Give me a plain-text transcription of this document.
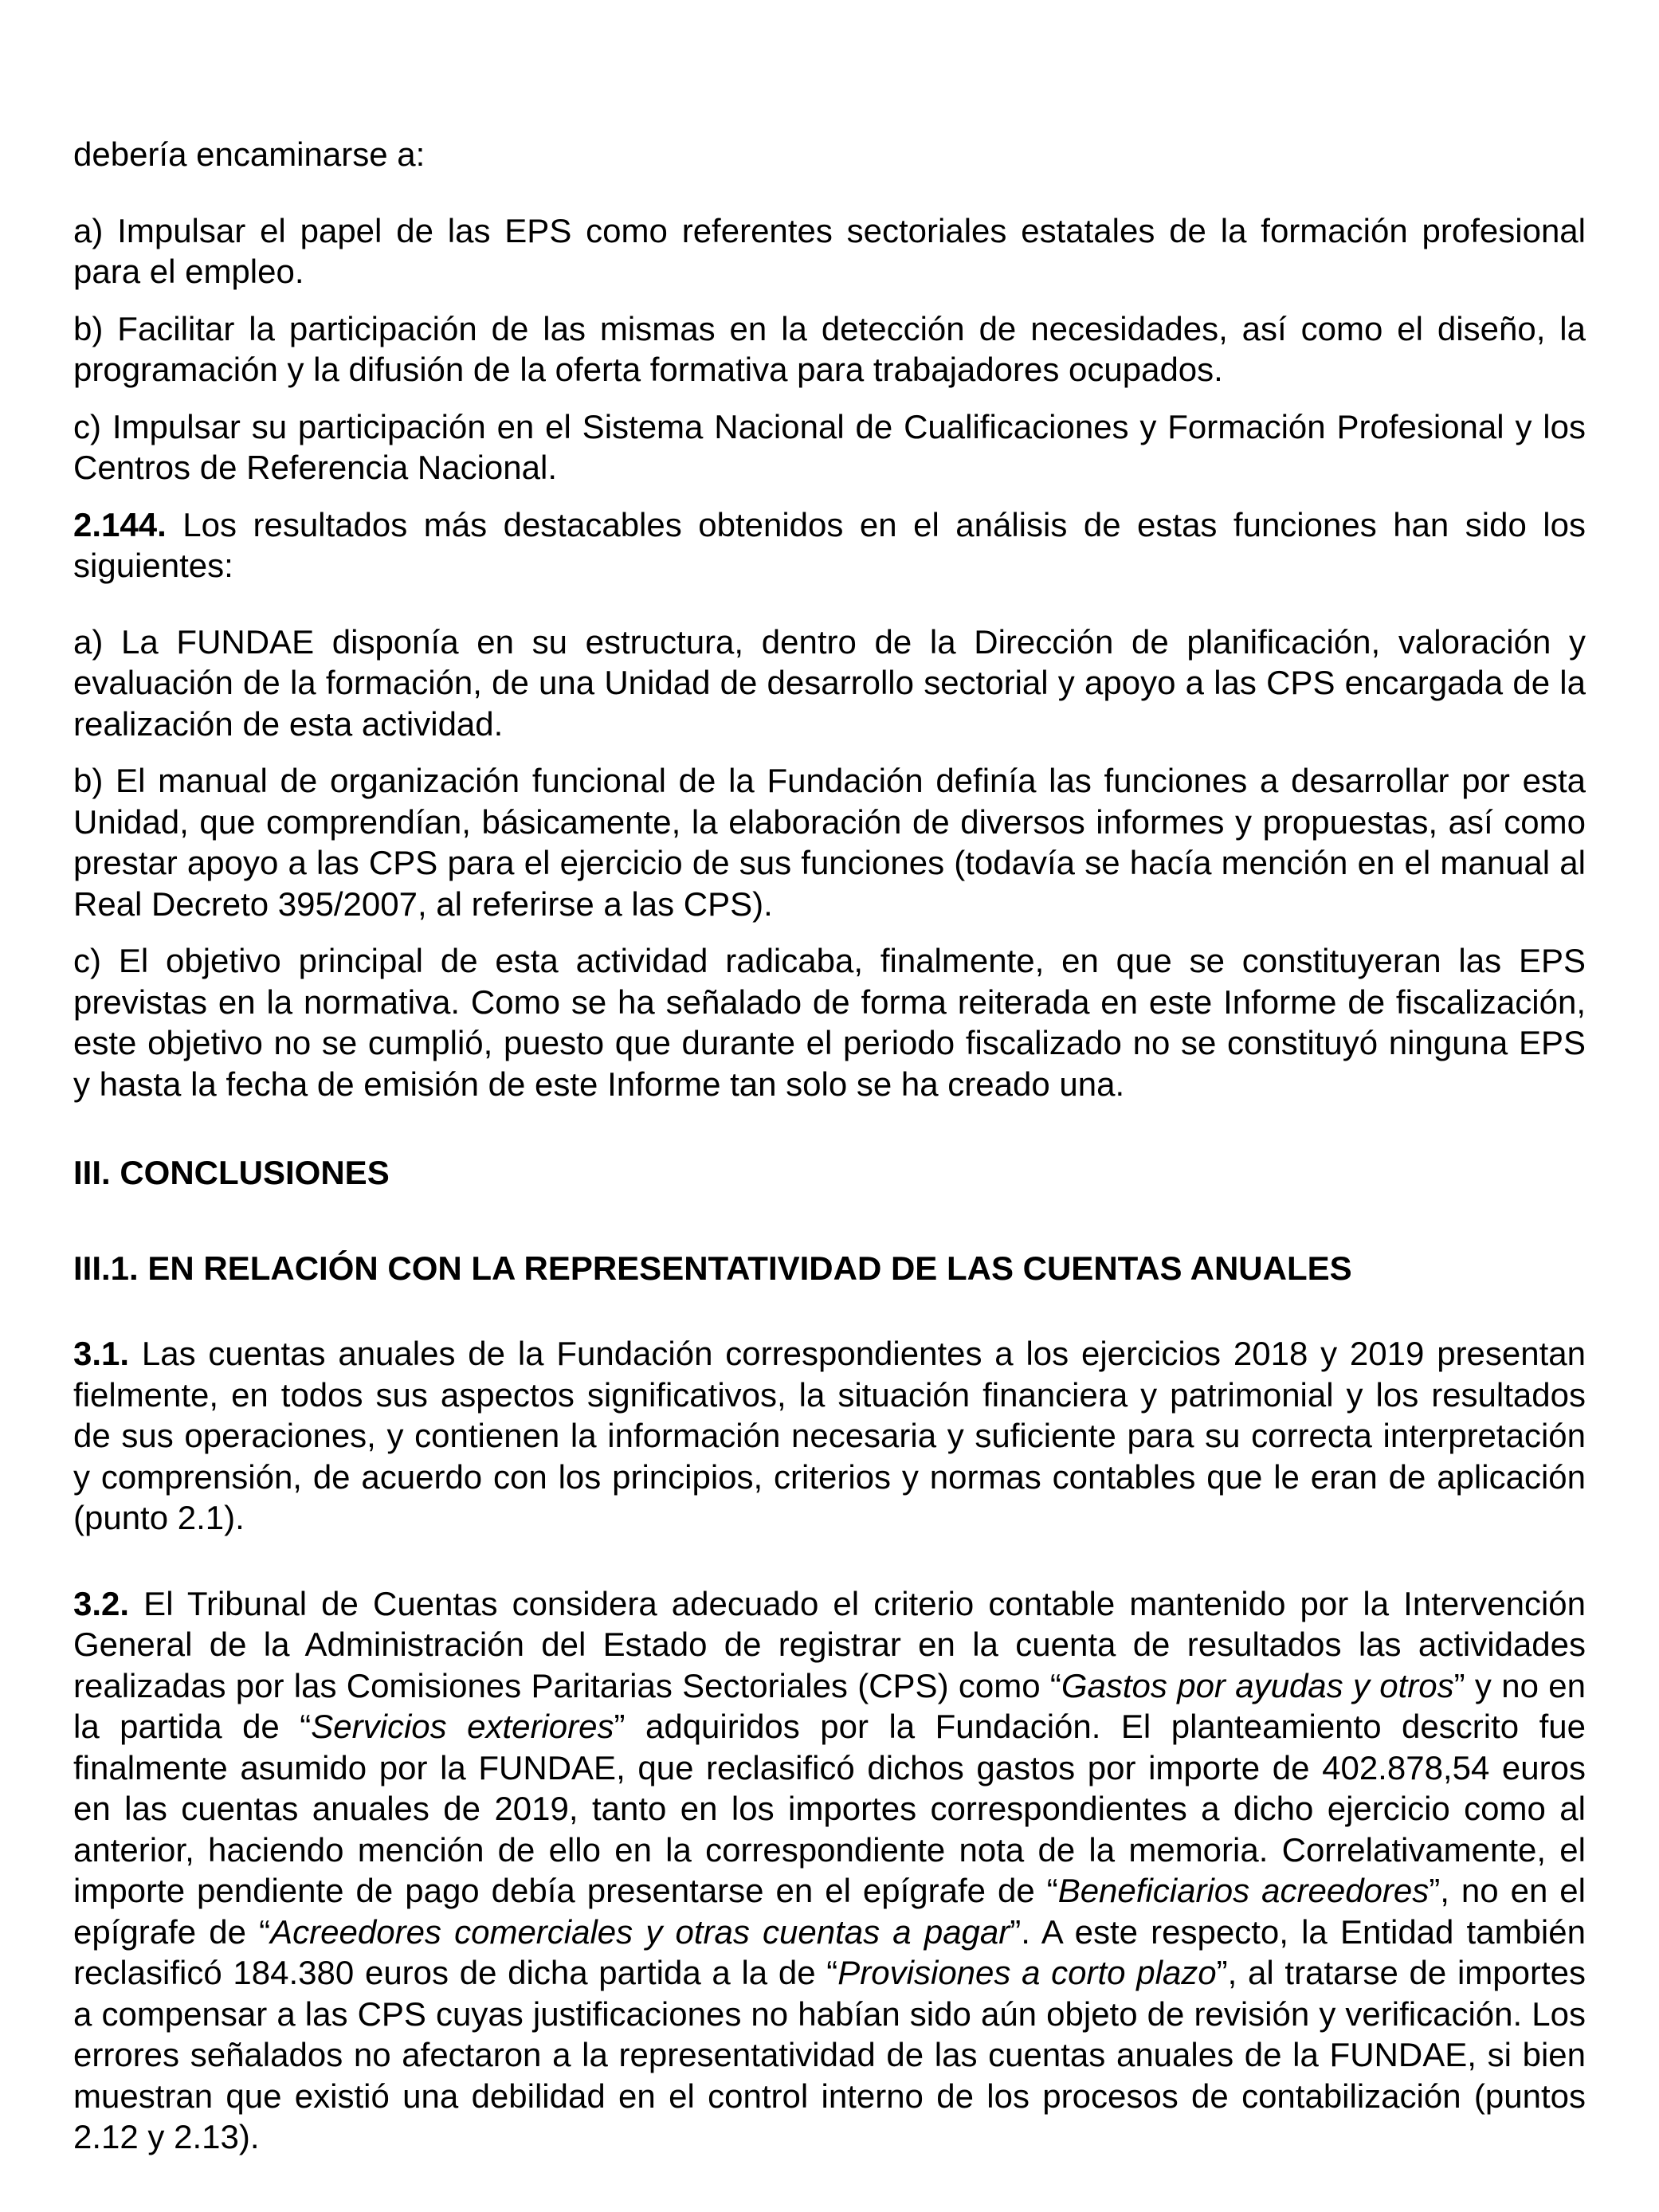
debería encaminarse a:

a) Impulsar el papel de las EPS como referentes sectoriales estatales de la formación profesional para el empleo.

b) Facilitar la participación de las mismas en la detección de necesidades, así como el diseño, la programación y la difusión de la oferta formativa para trabajadores ocupados.

c) Impulsar su participación en el Sistema Nacional de Cualificaciones y Formación Profesional y los Centros de Referencia Nacional.

2.144. Los resultados más destacables obtenidos en el análisis de estas funciones han sido los siguientes:

a) La FUNDAE disponía en su estructura, dentro de la Dirección de planificación, valoración y evaluación de la formación, de una Unidad de desarrollo sectorial y apoyo a las CPS encargada de la realización de esta actividad.

b) El manual de organización funcional de la Fundación definía las funciones a desarrollar por esta Unidad, que comprendían, básicamente, la elaboración de diversos informes y propuestas, así como prestar apoyo a las CPS para el ejercicio de sus funciones (todavía se hacía mención en el manual al Real Decreto 395/2007, al referirse a las CPS).

c) El objetivo principal de esta actividad radicaba, finalmente, en que se constituyeran las EPS previstas en la normativa. Como se ha señalado de forma reiterada en este Informe de fiscalización, este objetivo no se cumplió, puesto que durante el periodo fiscalizado no se constituyó ninguna EPS y hasta la fecha de emisión de este Informe tan solo se ha creado una.

III. CONCLUSIONES

III.1. EN RELACIÓN CON LA REPRESENTATIVIDAD DE LAS CUENTAS ANUALES

3.1. Las cuentas anuales de la Fundación correspondientes a los ejercicios 2018 y 2019 presentan fielmente, en todos sus aspectos significativos, la situación financiera y patrimonial y los resultados de sus operaciones, y contienen la información necesaria y suficiente para su correcta interpretación y comprensión, de acuerdo con los principios, criterios y normas contables que le eran de aplicación (punto 2.1).

3.2. El Tribunal de Cuentas considera adecuado el criterio contable mantenido por la Intervención General de la Administración del Estado de registrar en la cuenta de resultados las actividades realizadas por las Comisiones Paritarias Sectoriales (CPS) como “Gastos por ayudas y otros” y no en la partida de “Servicios exteriores” adquiridos por la Fundación. El planteamiento descrito fue finalmente asumido por la FUNDAE, que reclasificó dichos gastos por importe de 402.878,54 euros en las cuentas anuales de 2019, tanto en los importes correspondientes a dicho ejercicio como al anterior, haciendo mención de ello en la correspondiente nota de la memoria. Correlativamente, el importe pendiente de pago debía presentarse en el epígrafe de “Beneficiarios acreedores”, no en el epígrafe de “Acreedores comerciales y otras cuentas a pagar”. A este respecto, la Entidad también reclasificó 184.380 euros de dicha partida a la de “Provisiones a corto plazo”, al tratarse de importes a compensar a las CPS cuyas justificaciones no habían sido aún objeto de revisión y verificación. Los errores señalados no afectaron a la representatividad de las cuentas anuales de la FUNDAE, si bien muestran que existió una debilidad en el control interno de los procesos de contabilización (puntos 2.12 y 2.13).
